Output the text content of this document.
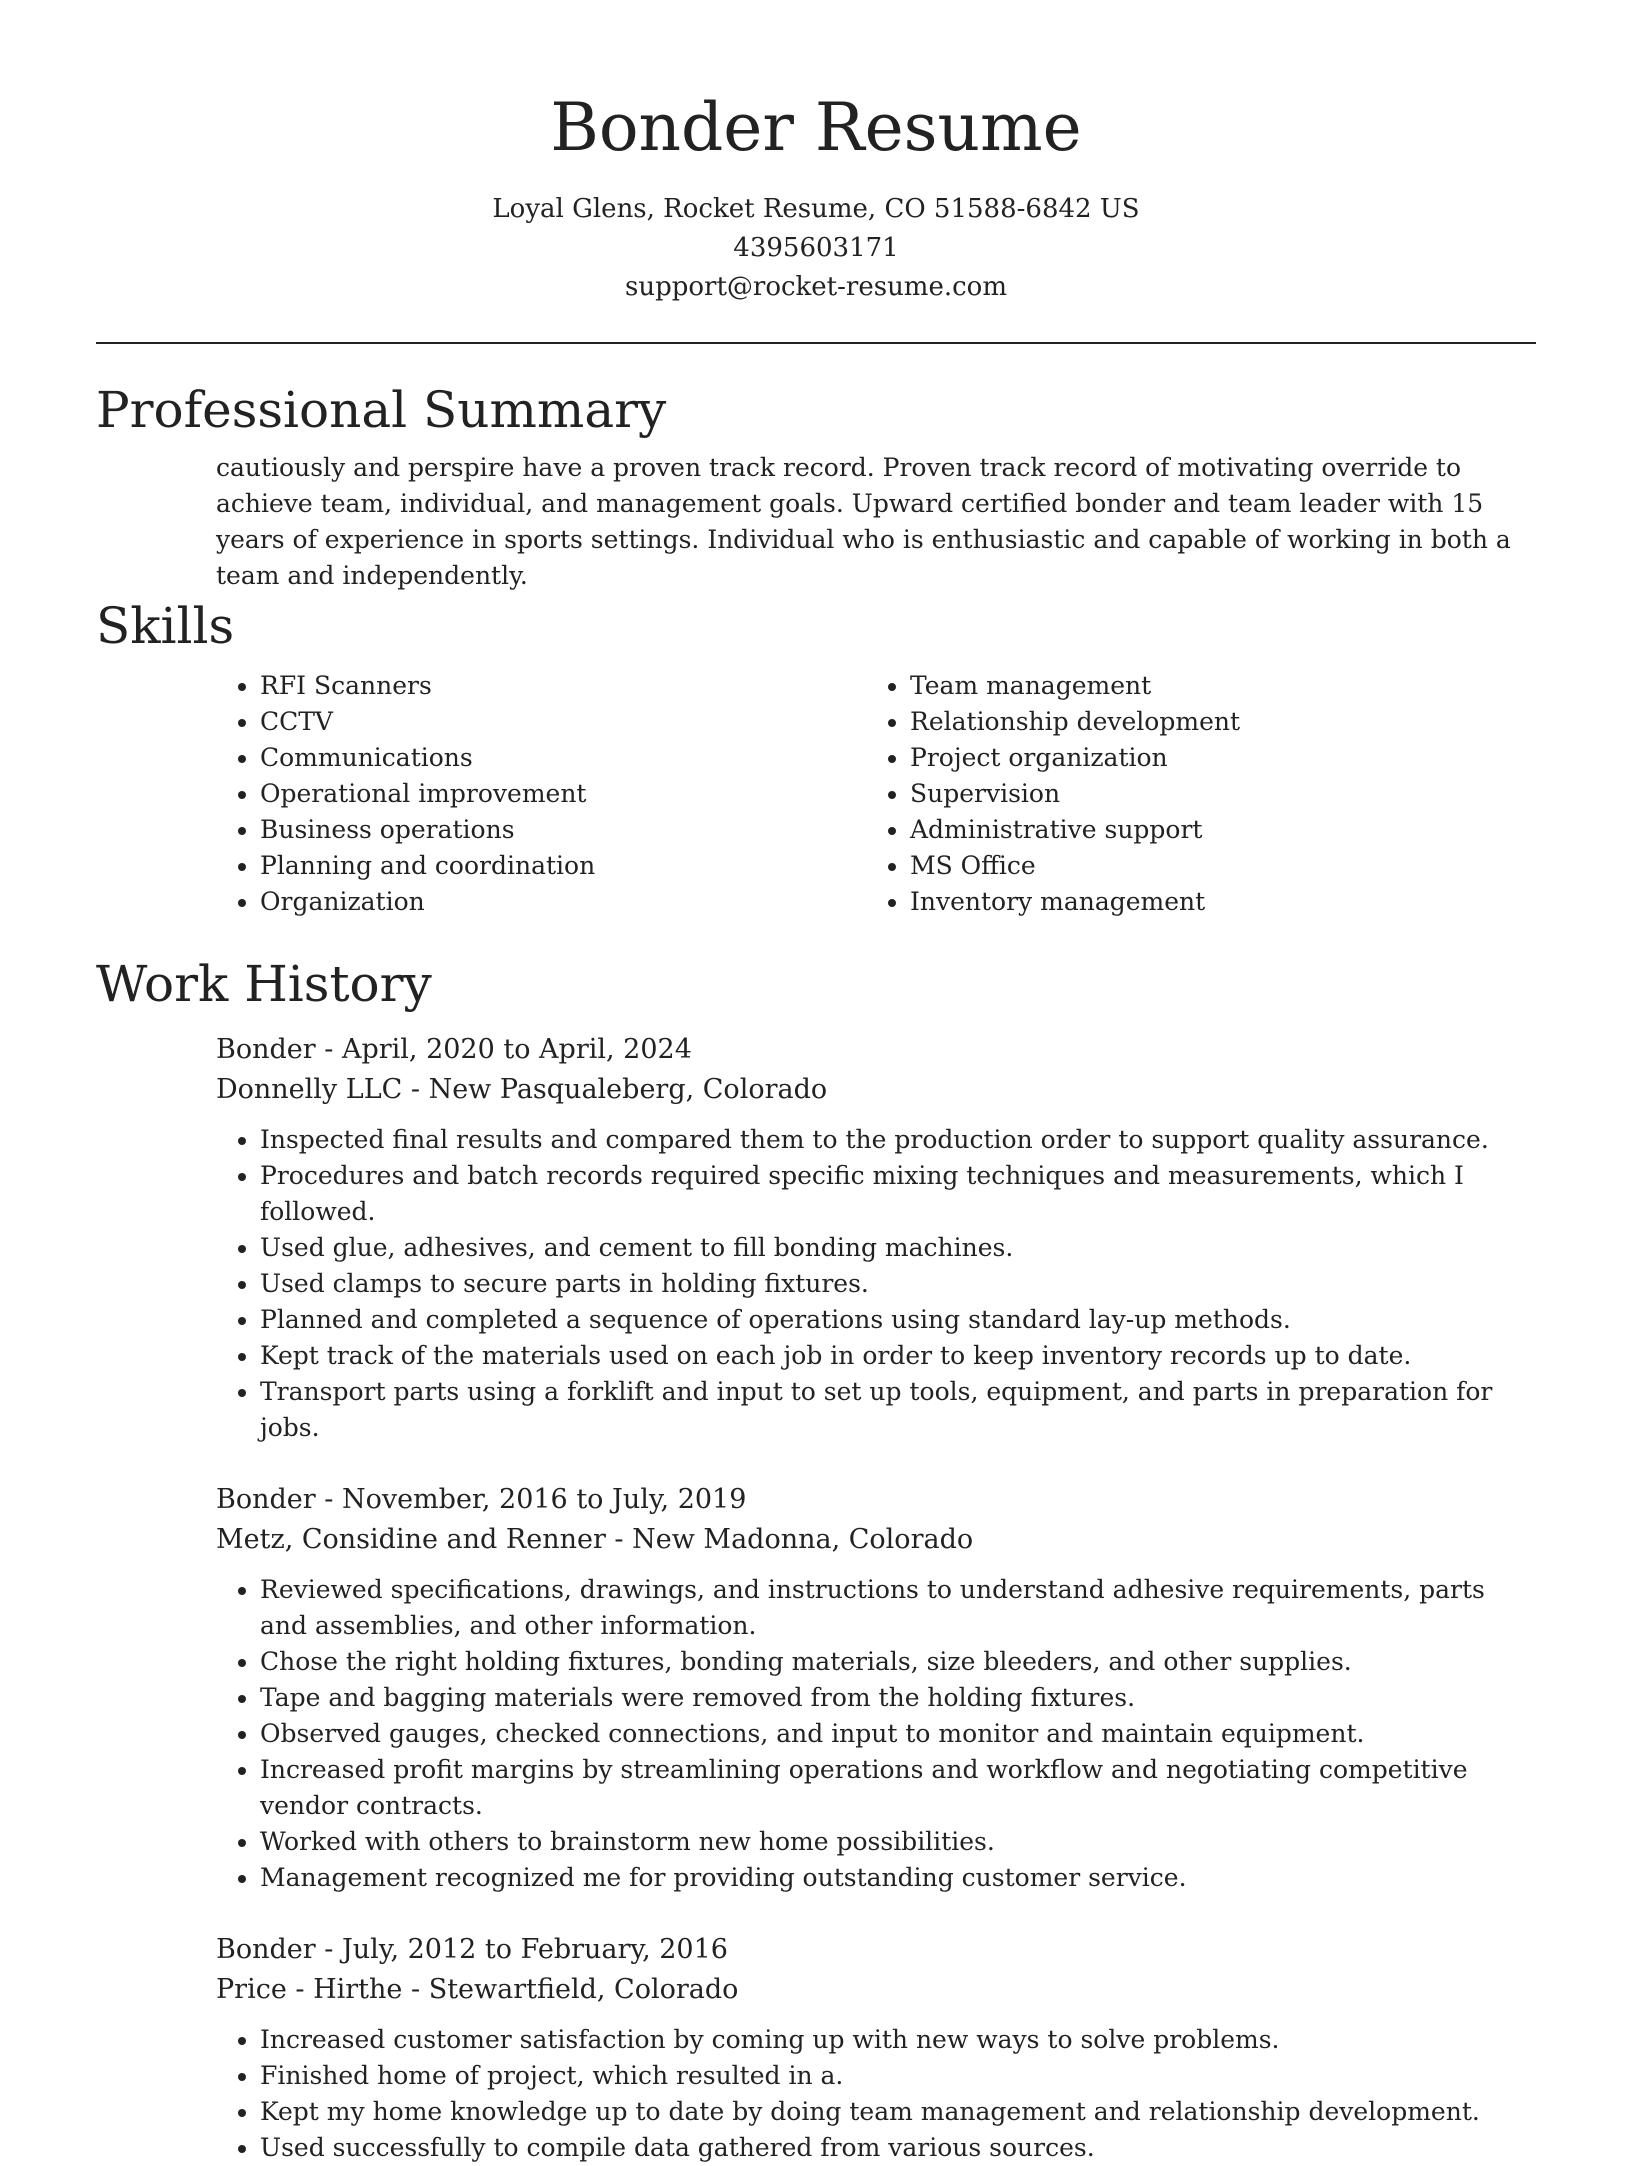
Bonder Resume
Loyal Glens, Rocket Resume, CO 51588-6842 US
4395603171
support@rocket-resume.com
Professional Summary

cautiously and perspire have a proven track record. Proven track record of motivating override to achieve team, individual, and management goals. Upward certified bonder and team leader with 15 years of experience in sports settings. Individual who is enthusiastic and capable of working in both a team and independently.

Skills
• RFI Scanners
• CCTV
• Communications
• Operational improvement
• Business operations
• Planning and coordination
• Organization
• Team management
• Relationship development
• Project organization
• Supervision
• Administrative support
• MS Office
• Inventory management
Work History
Bonder - April, 2020 to April, 2024
Donnelly LLC - New Pasqualeberg, Colorado
• Inspected final results and compared them to the production order to support quality assurance.
• Procedures and batch records required specific mixing techniques and measurements, which I followed.
• Used glue, adhesives, and cement to fill bonding machines.
• Used clamps to secure parts in holding fixtures.
• Planned and completed a sequence of operations using standard lay-up methods.
• Kept track of the materials used on each job in order to keep inventory records up to date.
• Transport parts using a forklift and input to set up tools, equipment, and parts in preparation for jobs.
Bonder - November, 2016 to July, 2019
Metz, Considine and Renner - New Madonna, Colorado
• Reviewed specifications, drawings, and instructions to understand adhesive requirements, parts and assemblies, and other information.
• Chose the right holding fixtures, bonding materials, size bleeders, and other supplies.
• Tape and bagging materials were removed from the holding fixtures.
• Observed gauges, checked connections, and input to monitor and maintain equipment.
• Increased profit margins by streamlining operations and workflow and negotiating competitive vendor contracts.
• Worked with others to brainstorm new home possibilities.
• Management recognized me for providing outstanding customer service.
Bonder - July, 2012 to February, 2016
Price - Hirthe - Stewartfield, Colorado
• Increased customer satisfaction by coming up with new ways to solve problems.
• Finished home of project, which resulted in a.
• Kept my home knowledge up to date by doing team management and relationship development.
• Used successfully to compile data gathered from various sources.
